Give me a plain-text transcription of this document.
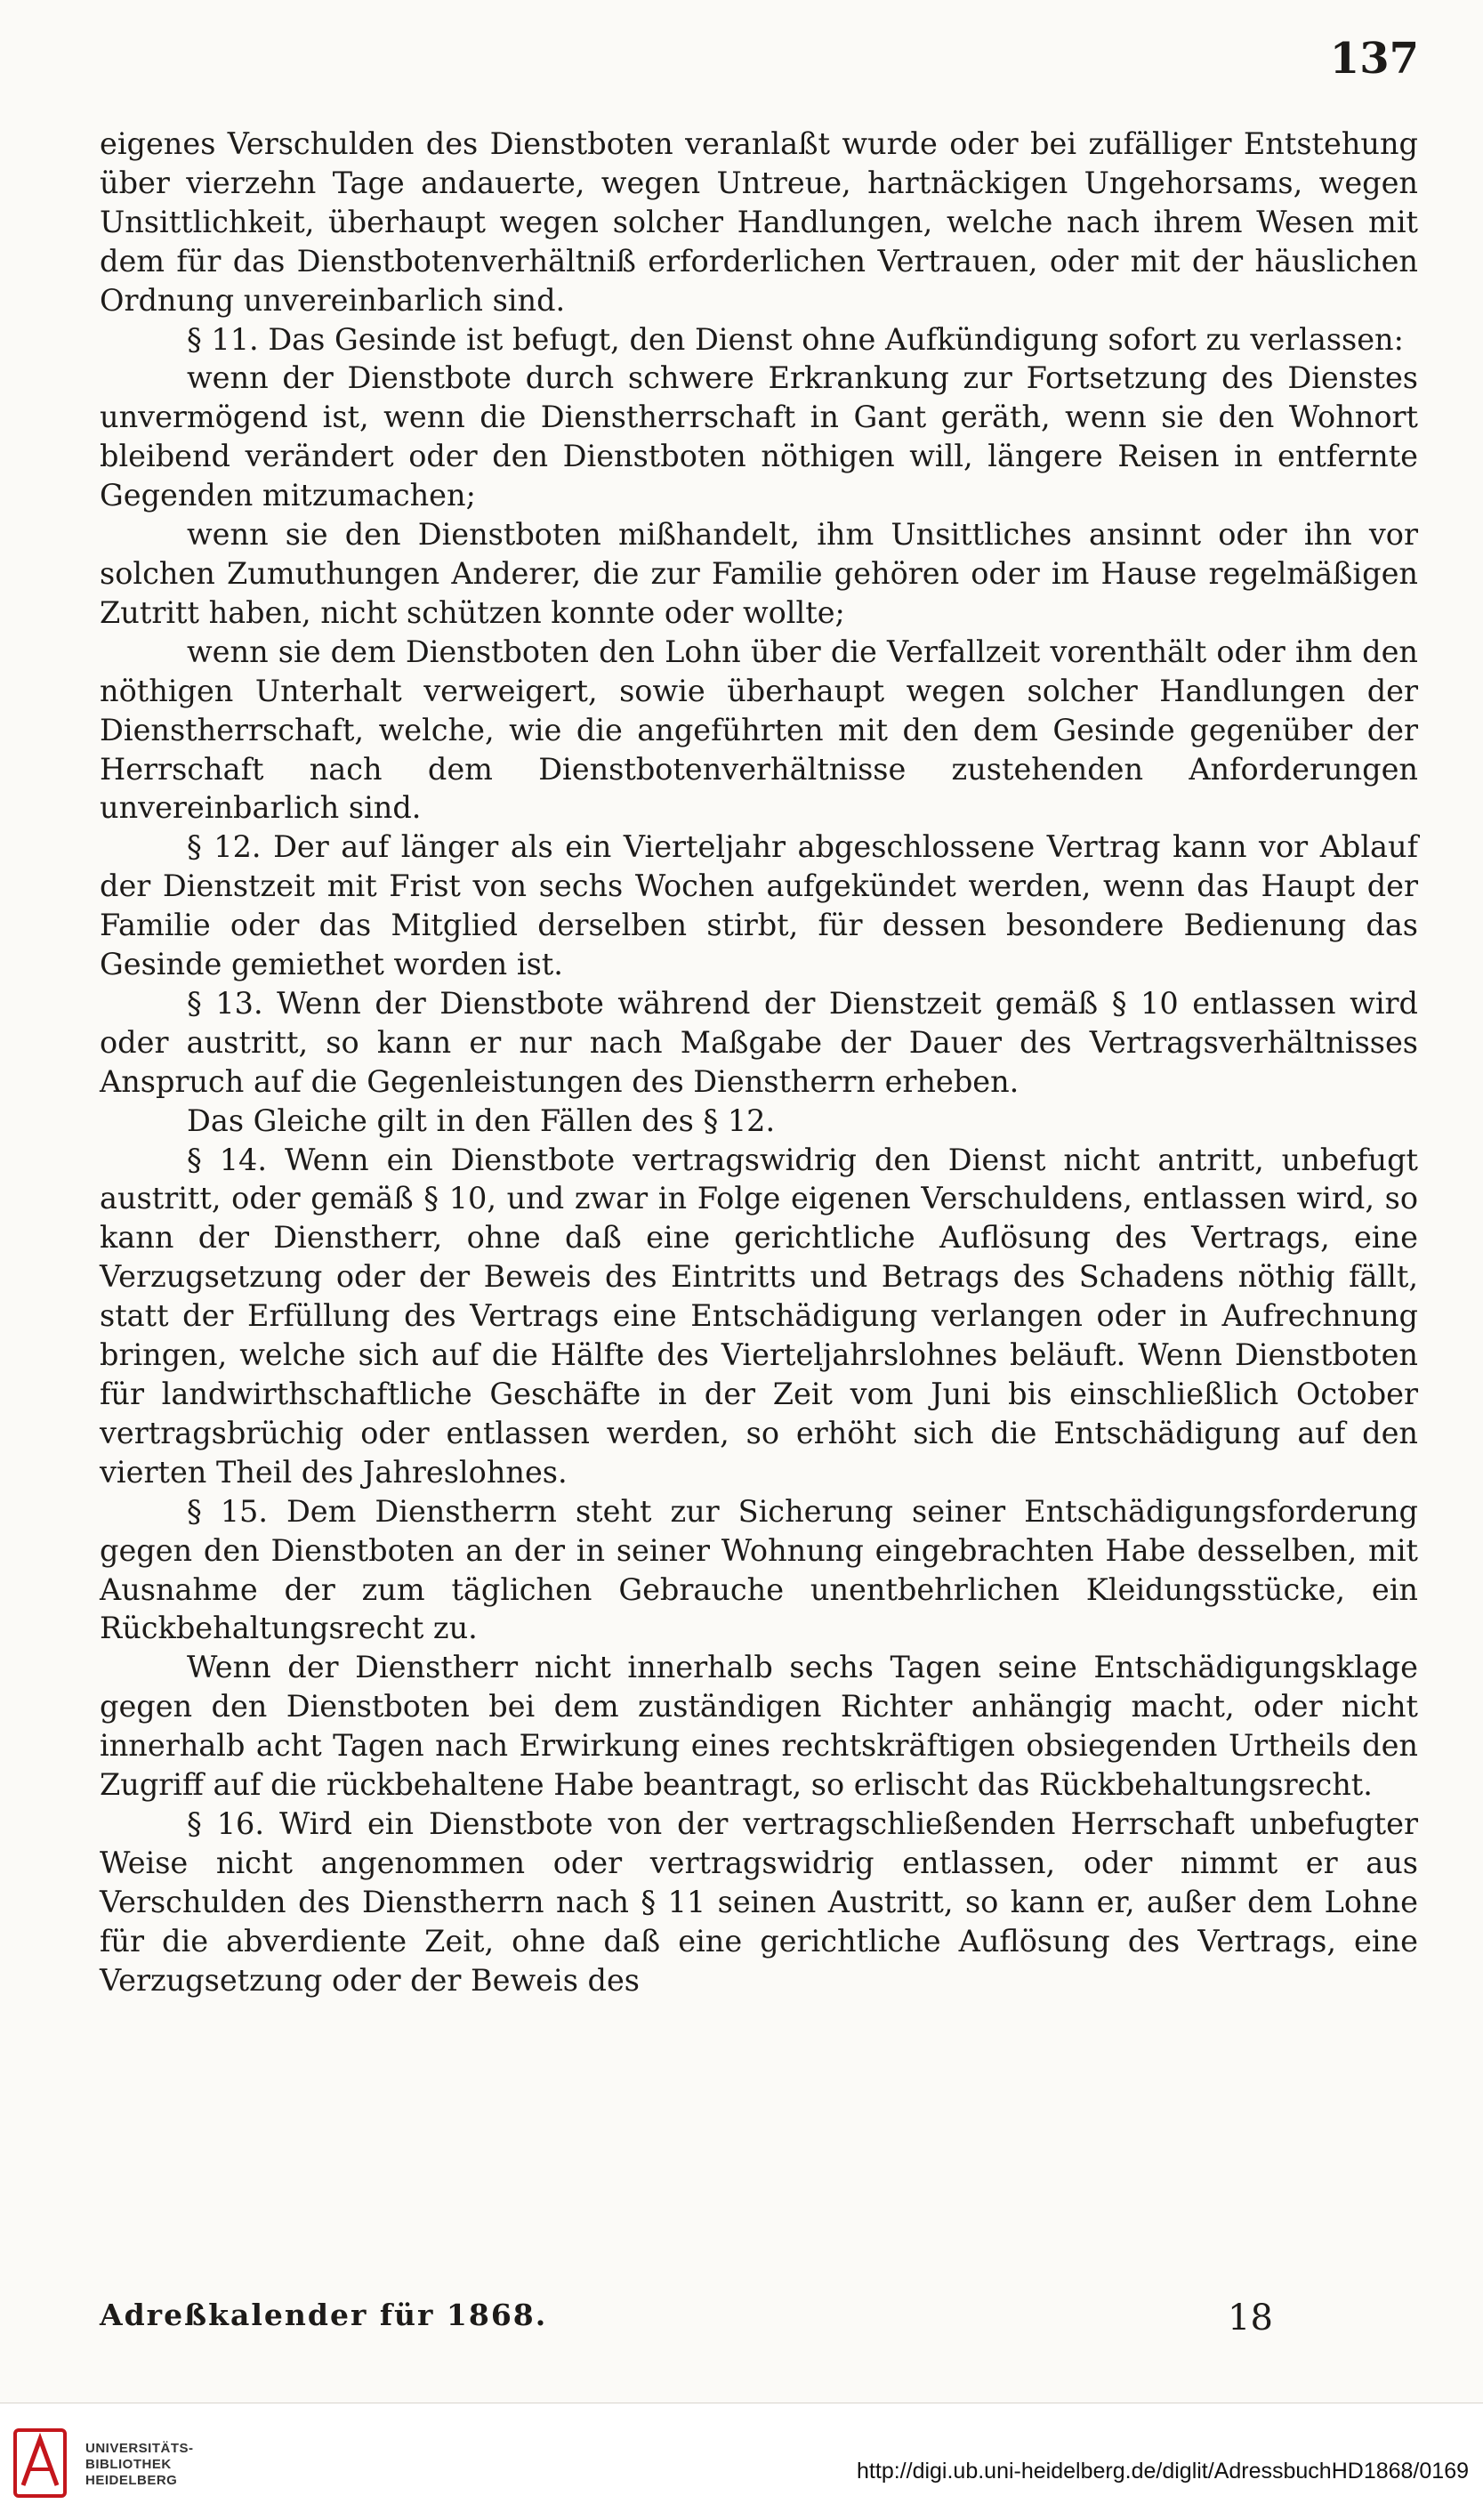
137

eigenes Verschulden des Dienstboten veranlaßt wurde oder bei zufälliger Entstehung über vierzehn Tage andauerte, wegen Untreue, hartnäckigen Ungehorsams, wegen Unsittlichkeit, überhaupt wegen solcher Handlungen, welche nach ihrem Wesen mit dem für das Dienstbotenverhältniß erforderlichen Vertrauen, oder mit der häuslichen Ordnung unvereinbarlich sind.

§ 11. Das Gesinde ist befugt, den Dienst ohne Aufkündigung sofort zu verlassen:

wenn der Dienstbote durch schwere Erkrankung zur Fortsetzung des Dienstes unvermögend ist, wenn die Dienstherrschaft in Gant geräth, wenn sie den Wohnort bleibend verändert oder den Dienstboten nöthigen will, längere Reisen in entfernte Gegenden mitzumachen;

wenn sie den Dienstboten mißhandelt, ihm Unsittliches ansinnt oder ihn vor solchen Zumuthungen Anderer, die zur Familie gehören oder im Hause regelmäßigen Zutritt haben, nicht schützen konnte oder wollte;

wenn sie dem Dienstboten den Lohn über die Verfallzeit vorenthält oder ihm den nöthigen Unterhalt verweigert, sowie überhaupt wegen solcher Handlungen der Dienstherrschaft, welche, wie die angeführten mit den dem Gesinde gegenüber der Herrschaft nach dem Dienstbotenverhältnisse zustehenden Anforderungen unvereinbarlich sind.

§ 12. Der auf länger als ein Vierteljahr abgeschlossene Vertrag kann vor Ablauf der Dienstzeit mit Frist von sechs Wochen aufgekündet werden, wenn das Haupt der Familie oder das Mitglied derselben stirbt, für dessen besondere Bedienung das Gesinde gemiethet worden ist.

§ 13. Wenn der Dienstbote während der Dienstzeit gemäß § 10 entlassen wird oder austritt, so kann er nur nach Maßgabe der Dauer des Vertragsverhältnisses Anspruch auf die Gegenleistungen des Dienstherrn erheben.

Das Gleiche gilt in den Fällen des § 12.

§ 14. Wenn ein Dienstbote vertragswidrig den Dienst nicht antritt, unbefugt austritt, oder gemäß § 10, und zwar in Folge eigenen Verschuldens, entlassen wird, so kann der Dienstherr, ohne daß eine gerichtliche Auflösung des Vertrags, eine Verzugsetzung oder der Beweis des Eintritts und Betrags des Schadens nöthig fällt, statt der Erfüllung des Vertrags eine Entschädigung verlangen oder in Aufrechnung bringen, welche sich auf die Hälfte des Vierteljahrslohnes beläuft. Wenn Dienstboten für landwirthschaftliche Geschäfte in der Zeit vom Juni bis einschließlich October vertragsbrüchig oder entlassen werden, so erhöht sich die Entschädigung auf den vierten Theil des Jahreslohnes.

§ 15. Dem Dienstherrn steht zur Sicherung seiner Entschädigungsforderung gegen den Dienstboten an der in seiner Wohnung eingebrachten Habe desselben, mit Ausnahme der zum täglichen Gebrauche unentbehrlichen Kleidungsstücke, ein Rückbehaltungsrecht zu.

Wenn der Dienstherr nicht innerhalb sechs Tagen seine Entschädigungsklage gegen den Dienstboten bei dem zuständigen Richter anhängig macht, oder nicht innerhalb acht Tagen nach Erwirkung eines rechtskräftigen obsiegenden Urtheils den Zugriff auf die rückbehaltene Habe beantragt, so erlischt das Rückbehaltungsrecht.

§ 16. Wird ein Dienstbote von der vertragschließenden Herrschaft unbefugter Weise nicht angenommen oder vertragswidrig entlassen, oder nimmt er aus Verschulden des Dienstherrn nach § 11 seinen Austritt, so kann er, außer dem Lohne für die abverdiente Zeit, ohne daß eine gerichtliche Auflösung des Vertrags, eine Verzugsetzung oder der Beweis des

Adreßkalender für 1868.	18
UNIVERSITÄTS-
BIBLIOTHEK
HEIDELBERG	http://digi.ub.uni-heidelberg.de/diglit/AdressbuchHD1868/0169
